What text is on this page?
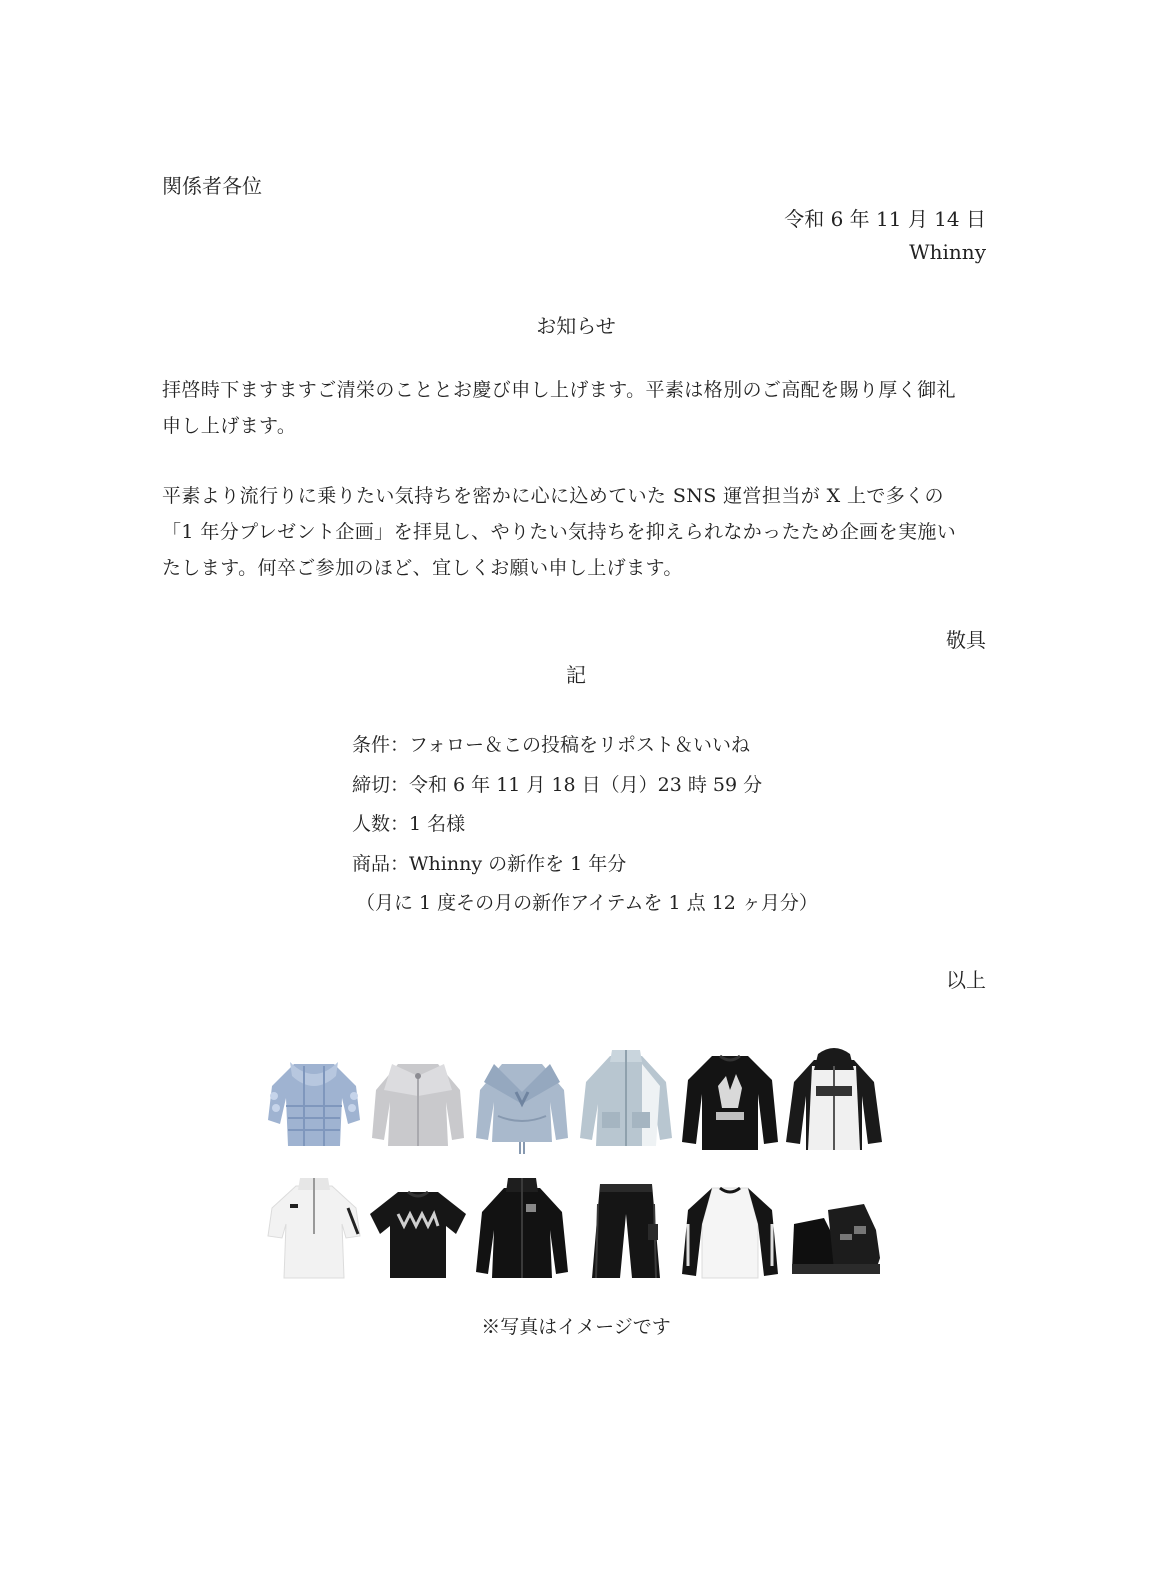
関係者各位

令和 6 年 11 月 14 日

Whinny

お知らせ

拝啓時下ますますご清栄のこととお慶び申し上げます。平素は格別のご高配を賜り厚く御礼

申し上げます。

平素より流行りに乗りたい気持ちを密かに心に込めていた SNS 運営担当が X 上で多くの

「1 年分プレゼント企画」を拝見し、やりたい気持ちを抑えられなかったため企画を実施い

たします。何卒ご参加のほど、宜しくお願い申し上げます。

敬具

記

条件：フォロー＆この投稿をリポスト＆いいね

締切：令和 6 年 11 月 18 日（月）23 時 59 分

人数：1 名様

商品：Whinny の新作を 1 年分

（月に 1 度その月の新作アイテムを 1 点 12 ヶ月分）

以上

※写真はイメージです
